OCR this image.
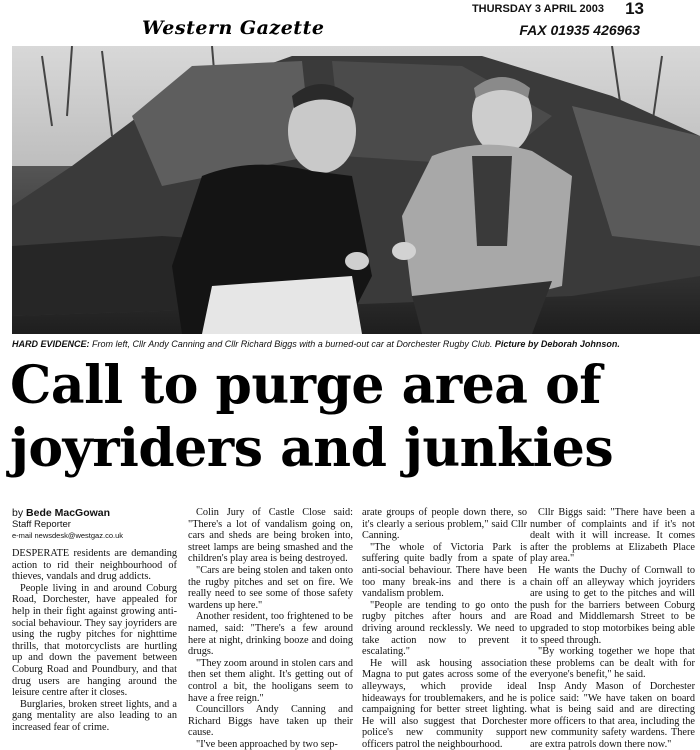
Western Gazette
THURSDAY 3 APRIL 2003 13
FAX 01935 426963
HARD EVIDENCE: From left, Cllr Andy Canning and Cllr Richard Biggs with a burned-out car at Dorchester Rugby Club. Picture by Deborah Johnson.
Call to purge area of
joyriders and junkies
by Bede MacGowan
Staff Reporter
e-mail newsdesk@westgaz.co.uk

DESPERATE residents are demanding action to rid their neighbourhood of thieves, vandals and drug addicts.

People living in and around Coburg Road, Dorchester, have appealed for help in their fight against growing anti-social behaviour. They say joyriders are using the rugby pitches for nighttime thrills, that motorcyclists are hurtling up and down the pavement between Coburg Road and Poundbury, and that drug users are hanging around the leisure centre after it closes.

Burglaries, broken street lights, and a gang mentality are also leading to an increased fear of crime.

Colin Jury of Castle Close said: "There's a lot of vandalism going on, cars and sheds are being broken into, street lamps are being smashed and the children's play area is being destroyed.

"Cars are being stolen and taken onto the rugby pitches and set on fire. We really need to see some of those safety wardens up here."

Another resident, too frightened to be named, said: "There's a few around here at night, drinking booze and doing drugs.

"They zoom around in stolen cars and then set them alight. It's getting out of control a bit, the hooligans seem to have a free reign."

Councillors Andy Canning and Richard Biggs have taken up their cause.

"I've been approached by two sep-

arate groups of people down there, so it's clearly a serious problem," said Cllr Canning.

"The whole of Victoria Park is suffering quite badly from a spate of anti-social behaviour. There have been too many break-ins and there is a vandalism problem.

"People are tending to go onto the rugby pitches after hours and are driving around recklessly. We need to take action now to prevent it escalating."

He will ask housing association Magna to put gates across some of the alleyways, which provide ideal hideaways for troublemakers, and he is campaigning for better street lighting. He will also suggest that Dorchester police's new community support officers patrol the neighbourhood.

Cllr Biggs said: "There have been a number of complaints and if it's not dealt with it will increase. It comes after the problems at Elizabeth Place play area."

He wants the Duchy of Cornwall to chain off an alleyway which joyriders are using to get to the pitches and will push for the barriers between Coburg Road and Middlemarsh Street to be upgraded to stop motorbikes being able to speed through.

"By working together we hope that these problems can be dealt with for everyone's benefit," he said.

Insp Andy Mason of Dorchester police said: "We have taken on board what is being said and are directing more officers to that area, including the new community safety wardens. There are extra patrols down there now."
